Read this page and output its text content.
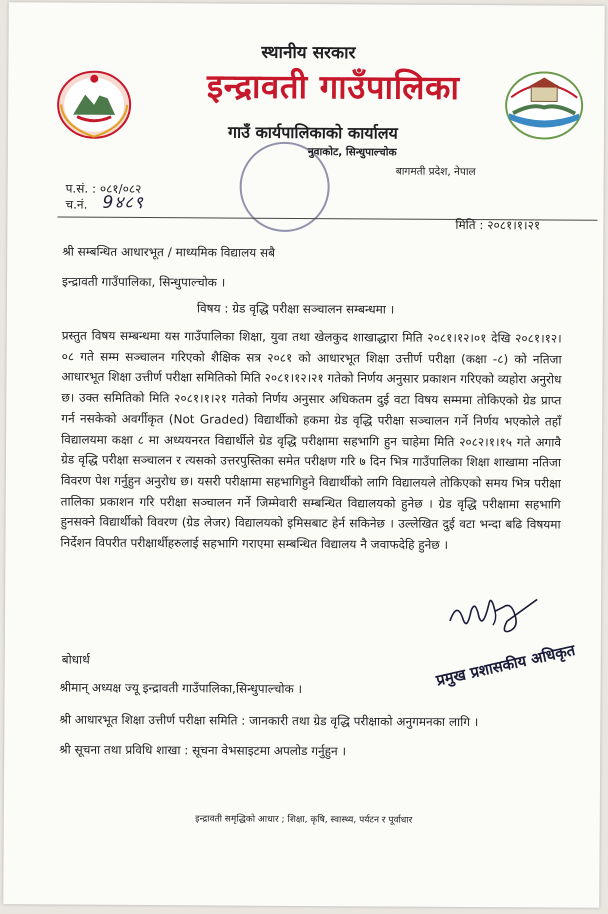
स्थानीय सरकार
इन्द्रावती गाउँपालिका
गाउँ कार्यपालिकाको कार्यालय
नुवाकोट, सिन्धुपाल्चोक
बागमती प्रदेश, नेपाल
प.सं. : ०८१/०८२
च.नं. 9४८९
मिति : २०८१।१।२१
श्री सम्बन्धित आधारभूत / माध्यमिक विद्यालय सबै
इन्द्रावती गाउँपालिका, सिन्धुपाल्चोक ।
विषय : ग्रेड वृद्धि परीक्षा सञ्चालन सम्बन्धमा ।

प्रस्तुत विषय सम्बन्धमा यस गाउँपालिका शिक्षा, युवा तथा खेलकुद शाखाद्धारा मिति २०८१।१२।०१ देखि २०८१।१२।०८ गते सम्म सञ्चालन गरिएको शैक्षिक सत्र २०८१ को आधारभूत शिक्षा उत्तीर्ण परीक्षा (कक्षा -८) को नतिजा आधारभूत शिक्षा उत्तीर्ण परीक्षा समितिको मिति २०८१।१२।२१ गतेको निर्णय अनुसार प्रकाशन गरिएको व्यहोरा अनुरोध छ। उक्त समितिको मिति २०८१।१।२१ गतेको निर्णय अनुसार अधिकतम दुई वटा विषय सम्ममा तोकिएको ग्रेड प्राप्त गर्न नसकेको अवर्गीकृत (Not Graded) विद्यार्थीको हकमा ग्रेड वृद्धि परीक्षा सञ्चालन गर्ने निर्णय भएकोले तहाँ विद्यालयमा कक्षा ८ मा अध्ययनरत विद्यार्थीले ग्रेड वृद्धि परीक्षामा सहभागि हुन चाहेमा मिति २०८२।१।१५ गते अगावै ग्रेड वृद्धि परीक्षा सञ्चालन र त्यसको उत्तरपुस्तिका समेत परीक्षण गरि ७ दिन भित्र गाउँपालिका शिक्षा शाखामा नतिजा विवरण पेश गर्नुहुन अनुरोध छ। यसरी परीक्षामा सहभागिहुने विद्यार्थीको लागि विद्यालयले तोकिएको समय भित्र परीक्षा तालिका प्रकाशन गरि परीक्षा सञ्चालन गर्ने जिम्मेवारी सम्बन्धित विद्यालयको हुनेछ । ग्रेड वृद्धि परीक्षामा सहभागि हुनसक्ने विद्यार्थीको विवरण (ग्रेड लेजर) विद्यालयको इमिसबाट हेर्न सकिनेछ । उल्लेखित दुई वटा भन्दा बढि विषयमा निर्देशन विपरीत परीक्षार्थीहरुलाई सहभागि गराएमा सम्बन्धित विद्यालय नै जवाफदेहि हुनेछ ।

प्रमुख प्रशासकीय अधिकृत
बोधार्थ
श्रीमान् अध्यक्ष ज्यू इन्द्रावती गाउँपालिका,सिन्धुपाल्चोक ।
श्री आधारभूत शिक्षा उत्तीर्ण परीक्षा समिति : जानकारी तथा ग्रेड वृद्धि परीक्षाको अनुगमनका लागि ।
श्री सूचना तथा प्रविधि शाखा : सूचना वेभसाइटमा अपलोड गर्नुहुन ।
इन्द्रावती समृद्धिको आधार ; शिक्षा, कृषि, स्वास्थ्य, पर्यटन र पूर्वाधार
